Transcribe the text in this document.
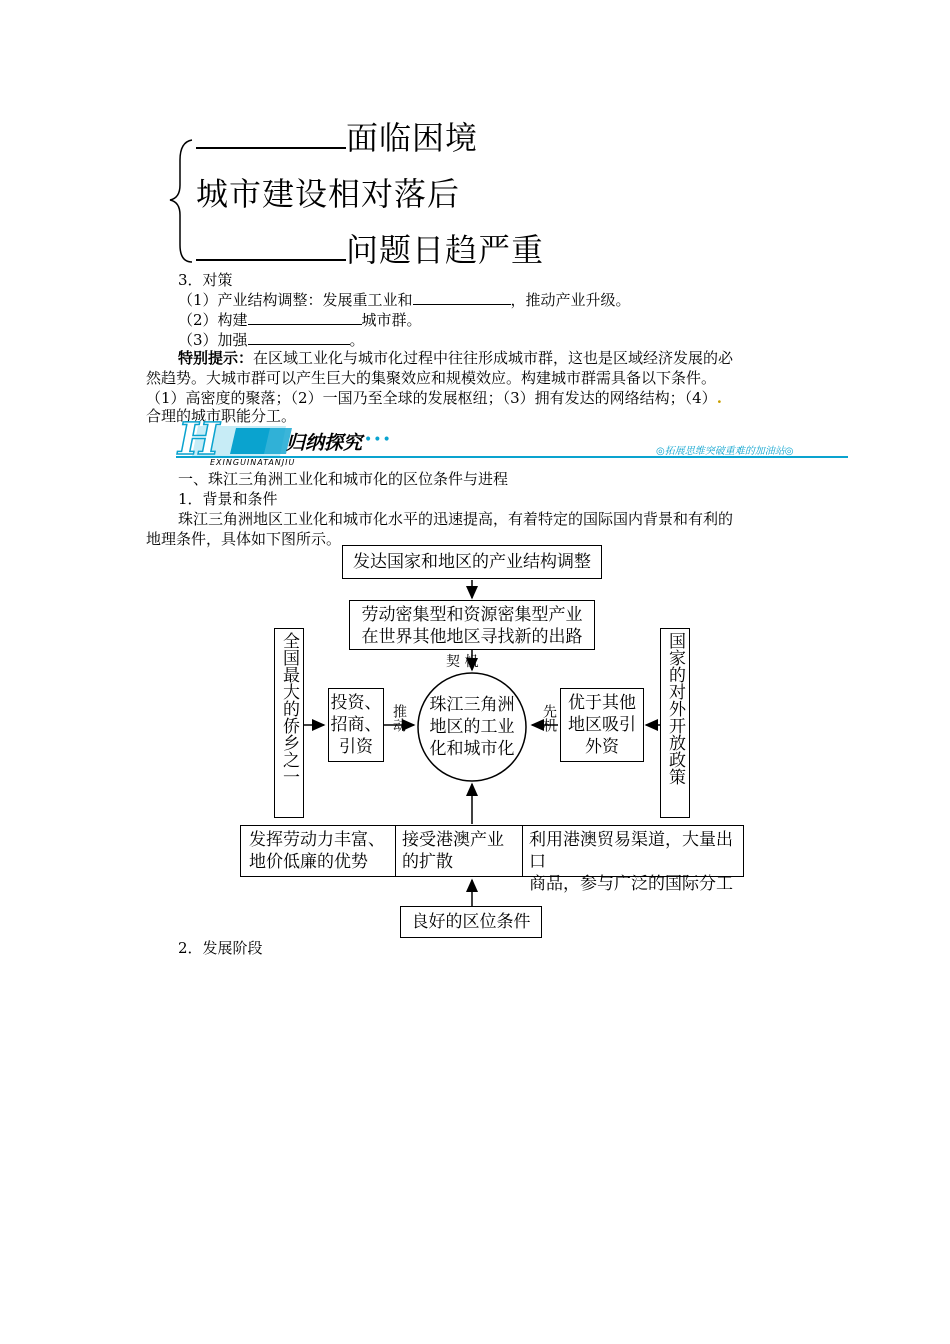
面临困境
城市建设相对落后
问题日趋严重
3．对策
（1）产业结构调整：发展重工业和	，推动产业升级。
（2）构建	城市群。
（3）加强	。
特别提示：在区域工业化与城市化过程中往往形成城市群，这也是区域经济发展的必
然趋势。大城市群可以产生巨大的集聚效应和规模效应。构建城市群需具备以下条件。
（1）高密度的聚落；（2）一国乃至全球的发展枢纽；（3）拥有发达的网络结构；（4）.
合理的城市职能分工。
H	归纳探究 •••
EXINGUINATANJIU
◎拓展思维突破重难的加油站◎
一、珠江三角洲工业化和城市化的区位条件与进程
1．背景和条件
珠江三角洲地区工业化和城市化水平的迅速提高，有着特定的国际国内背景和有利的
地理条件，具体如下图所示。
发达国家和地区的产业结构调整
劳动密集型和资源密集型产业
在世界其他地区寻找新的出路
契 机
珠江三角洲
地区的工业
化和城市化
全国最大的侨乡之一 投资、
招商、
引资
推动	国家的对外开放政策
优于其他
地区吸引
外资
先机
发挥劳动力丰富、
地价低廉的优势
接受港澳产业
的扩散
利用港澳贸易渠道，大量出口
商品，参与广泛的国际分工
良好的区位条件
2．发展阶段
